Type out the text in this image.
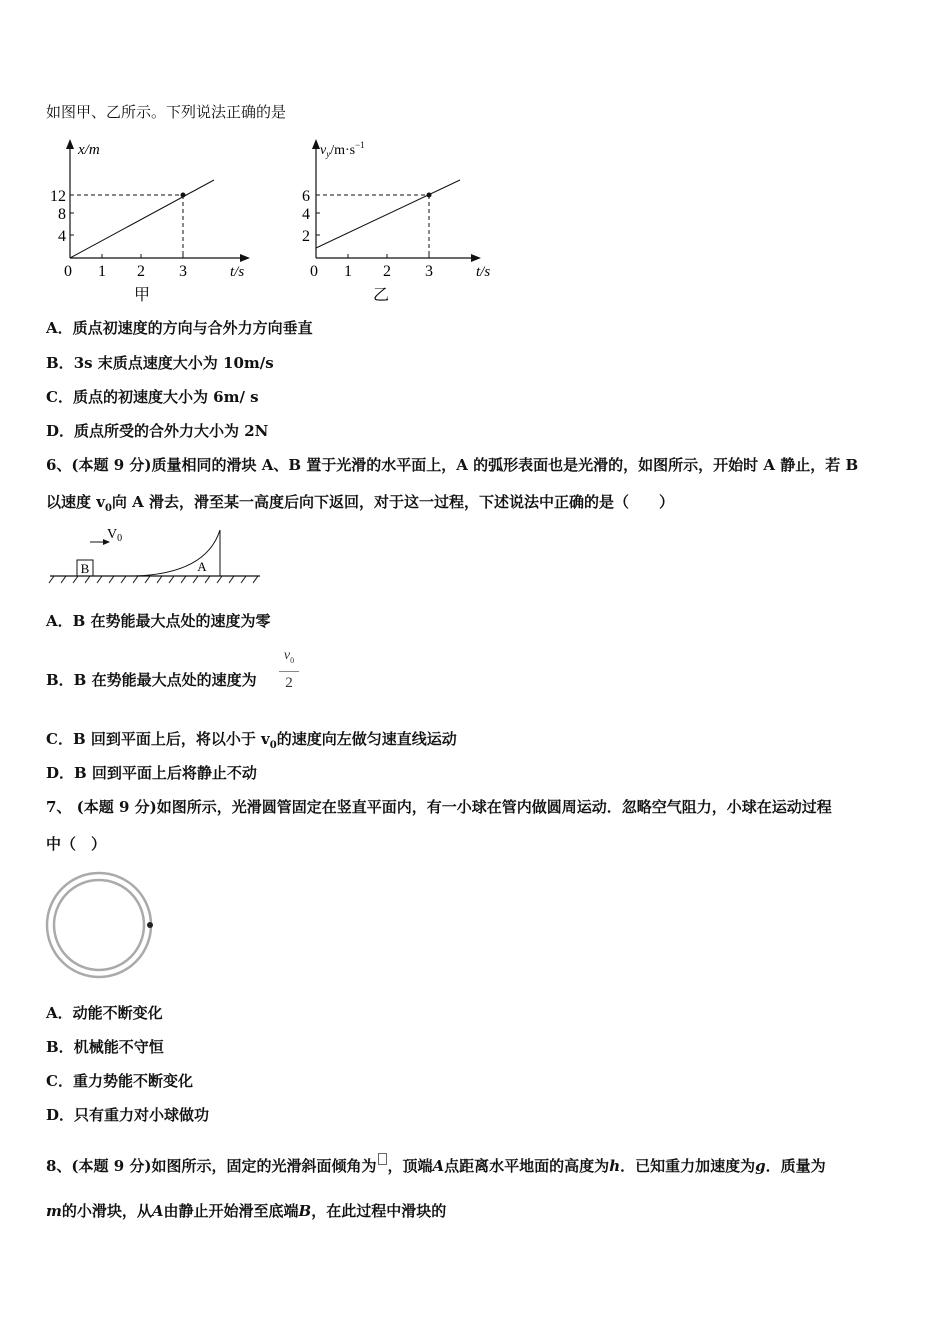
如图甲、乙所示。下列说法正确的是
x/m
12
8
4
0 1 2 3	t/s
甲
$v_y/m\cdot s^{-1}$
6
4
2
0 1 2 3	t/s
乙
A．质点初速度的方向与合外力方向垂直
B．3s 末质点速度大小为 10m/s
C．质点的初速度大小为 6m/ s
D．质点所受的合外力大小为 2N
6、(本题 9 分)质量相同的滑块 A、B 置于光滑的水平面上，A 的弧形表面也是光滑的，如图所示，开始时 A 静止，若 B
以速度 $v_0$向 A 滑去，滑至某一高度后向下返回，对于这一过程，下述说法中正确的是（　　）
B
$V_0$
A
A．B 在势能最大点处的速度为零
B．B 在势能最大点处的速度为
$v_0$
2
C．B 回到平面上后，将以小于 $v_0$的速度向左做匀速直线运动
D．B 回到平面上后将静止不动
7、 (本题 9 分)如图所示，光滑圆管固定在竖直平面内，有一小球在管内做圆周运动．忽略空气阻力，小球在运动过程
中（　）
A．动能不断变化
B．机械能不守恒
C．重力势能不断变化
D．只有重力对小球做功
8、(本题 9 分)如图所示，固定的光滑斜面倾角为 ，顶端A点距离水平地面的高度为h．已知重力加速度为g．质量为
m的小滑块，从A由静止开始滑至底端B，在此过程中滑块的
